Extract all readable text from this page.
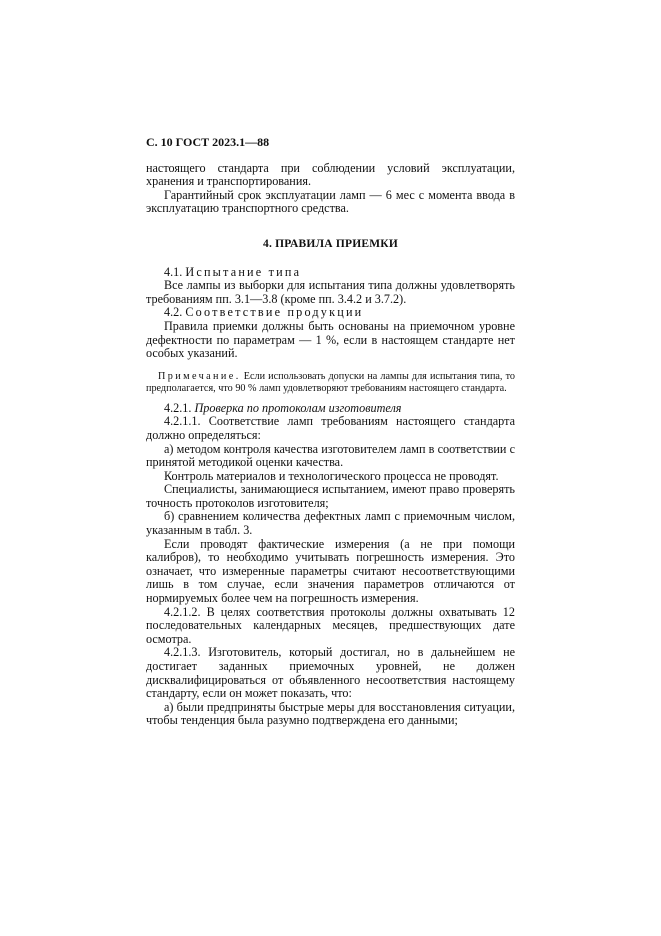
С. 10 ГОСТ 2023.1—88

настоящего стандарта при соблюдении условий эксплуатации, хранения и транспортирования.

Гарантийный срок эксплуатации ламп — 6 мес с момента ввода в эксплуатацию транспортного средства.

4. ПРАВИЛА ПРИЕМКИ

4.1. Испытание типа

Все лампы из выборки для испытания типа должны удовлетворять требованиям пп. 3.1—3.8 (кроме пп. 3.4.2 и 3.7.2).

4.2. Соответствие продукции

Правила приемки должны быть основаны на приемочном уровне дефектности по параметрам — 1 %, если в настоящем стандарте нет особых указаний.

Примечание. Если использовать допуски на лампы для испытания типа, то предполагается, что 90 % ламп удовлетворяют требованиям настоящего стандарта.

4.2.1. Проверка по протоколам изготовителя

4.2.1.1. Соответствие ламп требованиям настоящего стандарта должно определяться:

а) методом контроля качества изготовителем ламп в соответствии с принятой методикой оценки качества.

Контроль материалов и технологического процесса не проводят.

Специалисты, занимающиеся испытанием, имеют право проверять точность протоколов изготовителя;

б) сравнением количества дефектных ламп с приемочным числом, указанным в табл. 3.

Если проводят фактические измерения (а не при помощи калибров), то необходимо учитывать погрешность измерения. Это означает, что измеренные параметры считают несоответствующими лишь в том случае, если значения параметров отличаются от нормируемых более чем на погрешность измерения.

4.2.1.2. В целях соответствия протоколы должны охватывать 12 последовательных календарных месяцев, предшествующих дате осмотра.

4.2.1.3. Изготовитель, который достигал, но в дальнейшем не достигает заданных приемочных уровней, не должен дисквалифицироваться от объявленного несоответствия настоящему стандарту, если он может показать, что:

а) были предприняты быстрые меры для восстановления ситуации, чтобы тенденция была разумно подтверждена его данными;
